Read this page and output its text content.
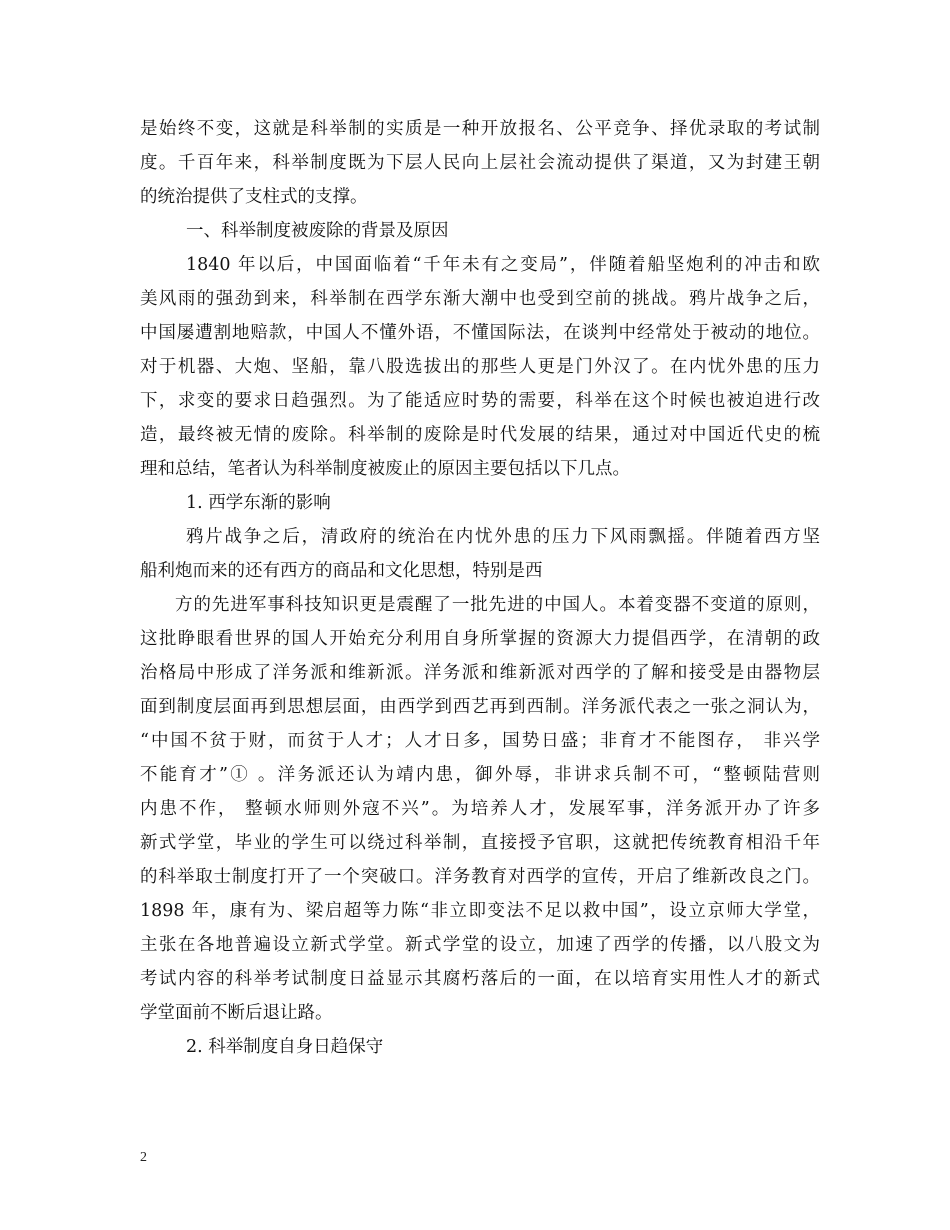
是始终不变，这就是科举制的实质是一种开放报名、公平竞争、择优录取的考试制
度。千百年来，科举制度既为下层人民向上层社会流动提供了渠道，又为封建王朝
的统治提供了支柱式的支撑。
一、科举制度被废除的背景及原因
1840 年以后，中国面临着“千年未有之变局”，伴随着船坚炮利的冲击和欧
美风雨的强劲到来，科举制在西学东渐大潮中也受到空前的挑战。鸦片战争之后，
中国屡遭割地赔款，中国人不懂外语，不懂国际法，在谈判中经常处于被动的地位。
对于机器、大炮、坚船，靠八股选拔出的那些人更是门外汉了。在内忧外患的压力
下，求变的要求日趋强烈。为了能适应时势的需要，科举在这个时候也被迫进行改
造，最终被无情的废除。科举制的废除是时代发展的结果，通过对中国近代史的梳
理和总结，笔者认为科举制度被废止的原因主要包括以下几点。
1. 西学东渐的影响
鸦片战争之后，清政府的统治在内忧外患的压力下风雨飘摇。伴随着西方坚
船利炮而来的还有西方的商品和文化思想，特别是西
方的先进军事科技知识更是震醒了一批先进的中国人。本着变器不变道的原则，
这批睁眼看世界的国人开始充分利用自身所掌握的资源大力提倡西学，在清朝的政
治格局中形成了洋务派和维新派。洋务派和维新派对西学的了解和接受是由器物层
面到制度层面再到思想层面，由西学到西艺再到西制。洋务派代表之一张之洞认为，
“中国不贫于财，而贫于人才；人才日多，国势日盛；非育才不能图存， 非兴学
不能育才”① 。洋务派还认为靖内患，御外辱，非讲求兵制不可，“整顿陆营则
内患不作， 整顿水师则外寇不兴”。为培养人才，发展军事，洋务派开办了许多
新式学堂，毕业的学生可以绕过科举制，直接授予官职，这就把传统教育相沿千年
的科举取士制度打开了一个突破口。洋务教育对西学的宣传，开启了维新改良之门。
1898 年，康有为、梁启超等力陈“非立即变法不足以救中国”，设立京师大学堂，
主张在各地普遍设立新式学堂。新式学堂的设立，加速了西学的传播，以八股文为
考试内容的科举考试制度日益显示其腐朽落后的一面，在以培育实用性人才的新式
学堂面前不断后退让路。
2. 科举制度自身日趋保守
2
